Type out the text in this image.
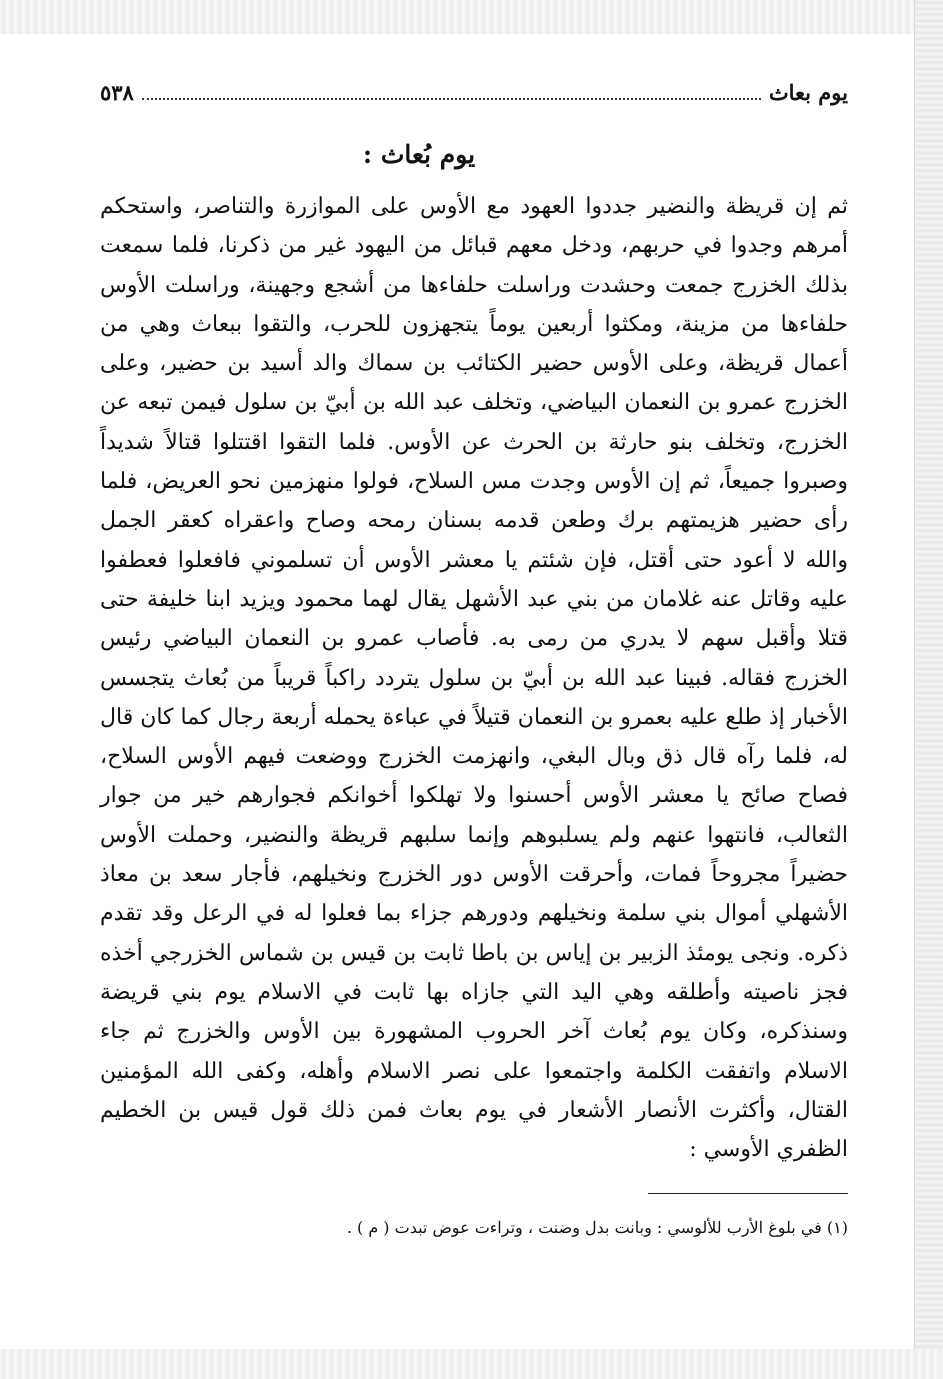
يوم بعاث
٥٣٨
يوم بُعاث :

ثم إن قريظة والنضير جددوا العهود مع الأوس على الموازرة والتناصر، واستحكم أمرهم وجدوا في حربهم، ودخل معهم قبائل من اليهود غير من ذكرنا، فلما سمعت بذلك الخزرج جمعت وحشدت وراسلت حلفاءها من أشجع وجهينة، وراسلت الأوس حلفاءها من مزينة، ومكثوا أربعين يوماً يتجهزون للحرب، والتقوا ببعاث وهي من أعمال قريظة، وعلى الأوس حضير الكتائب بن سماك والد أسيد بن حضير، وعلى الخزرج عمرو بن النعمان البياضي، وتخلف عبد الله بن أبيّ بن سلول فيمن تبعه عن الخزرج، وتخلف بنو حارثة بن الحرث عن الأوس. فلما التقوا اقتتلوا قتالاً شديداً وصبروا جميعاً، ثم إن الأوس وجدت مس السلاح، فولوا منهزمين نحو العريض، فلما رأى حضير هزيمتهم برك وطعن قدمه بسنان رمحه وصاح واعقراه كعقر الجمل والله لا أعود حتى أقتل، فإن شئتم يا معشر الأوس أن تسلموني فافعلوا فعطفوا عليه وقاتل عنه غلامان من بني عبد الأشهل يقال لهما محمود ويزيد ابنا خليفة حتى قتلا وأقبل سهم لا يدري من رمى به. فأصاب عمرو بن النعمان البياضي رئيس الخزرج فقاله. فبينا عبد الله بن أبيّ بن سلول يتردد راكباً قريباً من بُعاث يتجسس الأخبار إذ طلع عليه بعمرو بن النعمان قتيلاً في عباءة يحمله أربعة رجال كما كان قال له، فلما رآه قال ذق وبال البغي، وانهزمت الخزرج ووضعت فيهم الأوس السلاح، فصاح صائح يا معشر الأوس أحسنوا ولا تهلكوا أخوانكم فجوارهم خير من جوار الثعالب، فانتهوا عنهم ولم يسلبوهم وإنما سلبهم قريظة والنضير، وحملت الأوس حضيراً مجروحاً فمات، وأحرقت الأوس دور الخزرج ونخيلهم، فأجار سعد بن معاذ الأشهلي أموال بني سلمة ونخيلهم ودورهم جزاء بما فعلوا له في الرعل وقد تقدم ذكره. ونجى يومئذ الزبير بن إياس بن باطا ثابت بن قيس بن شماس الخزرجي أخذه فجز ناصيته وأطلقه وهي اليد التي جازاه بها ثابت في الاسلام يوم بني قريضة وسنذكره، وكان يوم بُعاث آخر الحروب المشهورة بين الأوس والخزرج ثم جاء الاسلام واتفقت الكلمة واجتمعوا على نصر الاسلام وأهله، وكفى الله المؤمنين القتال، وأكثرت الأنصار الأشعار في يوم بعاث فمن ذلك قول قيس بن الخطيم الظفري الأوسي :

(١) في بلوغ الأرب للألوسي : وبانت بدل وضنت ، وتراءت عوض تبدت ( م ) .
